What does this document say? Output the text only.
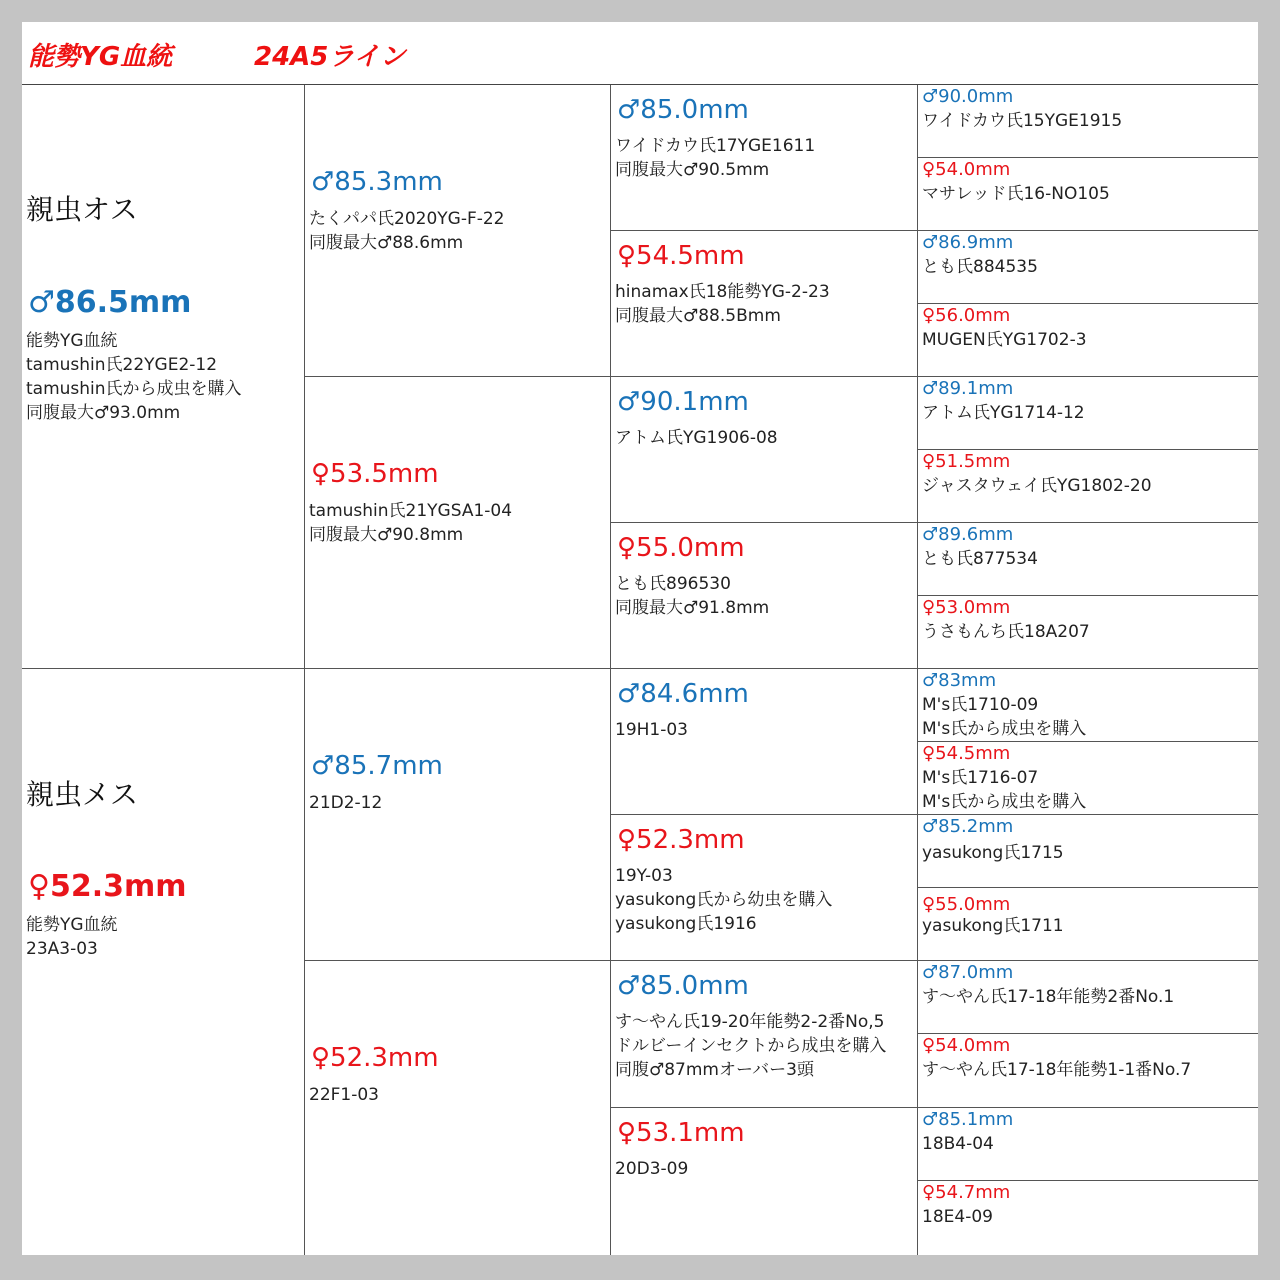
能勢YG血統	24A5ライン
親虫オス
♂86.5mm
能勢YG血統
tamushin氏22YGE2-12
tamushin氏から成虫を購入
同腹最大♂93.0mm
親虫メス
♀52.3mm
能勢YG血統
23A3-03
♂85.3mm
たくパパ氏2020YG-F-22
同腹最大♂88.6mm
♀53.5mm
tamushin氏21YGSA1-04
同腹最大♂90.8mm
♂85.7mm
21D2-12
♀52.3mm
22F1-03
♂85.0mm
ワイドカウ氏17YGE1611
同腹最大♂90.5mm
♀54.5mm
hinamax氏18能勢YG-2-23
同腹最大♂88.5Bmm
♂90.1mm
アトム氏YG1906-08
♀55.0mm
とも氏896530
同腹最大♂91.8mm
♂84.6mm
19H1-03
♀52.3mm
19Y-03
yasukong氏から幼虫を購入
yasukong氏1916
♂85.0mm
す～やん氏19-20年能勢2-2番No,5
ドルビーインセクトから成虫を購入
同腹♂87mmオーバー3頭
♀53.1mm
20D3-09
♂90.0mm
ワイドカウ氏15YGE1915
♀54.0mm
マサレッド氏16-NO105
♂86.9mm
とも氏884535
♀56.0mm
MUGEN氏YG1702-3
♂89.1mm
アトム氏YG1714-12
♀51.5mm
ジャスタウェイ氏YG1802-20
♂89.6mm
とも氏877534
♀53.0mm
うさもんち氏18A207
♂83mm
M's氏1710-09
M's氏から成虫を購入
♀54.5mm
M's氏1716-07
M's氏から成虫を購入
♂85.2mm
yasukong氏1715
♀55.0mm
yasukong氏1711
♂87.0mm
す～やん氏17-18年能勢2番No.1
♀54.0mm
す～やん氏17-18年能勢1-1番No.7
♂85.1mm
18B4-04
♀54.7mm
18E4-09
